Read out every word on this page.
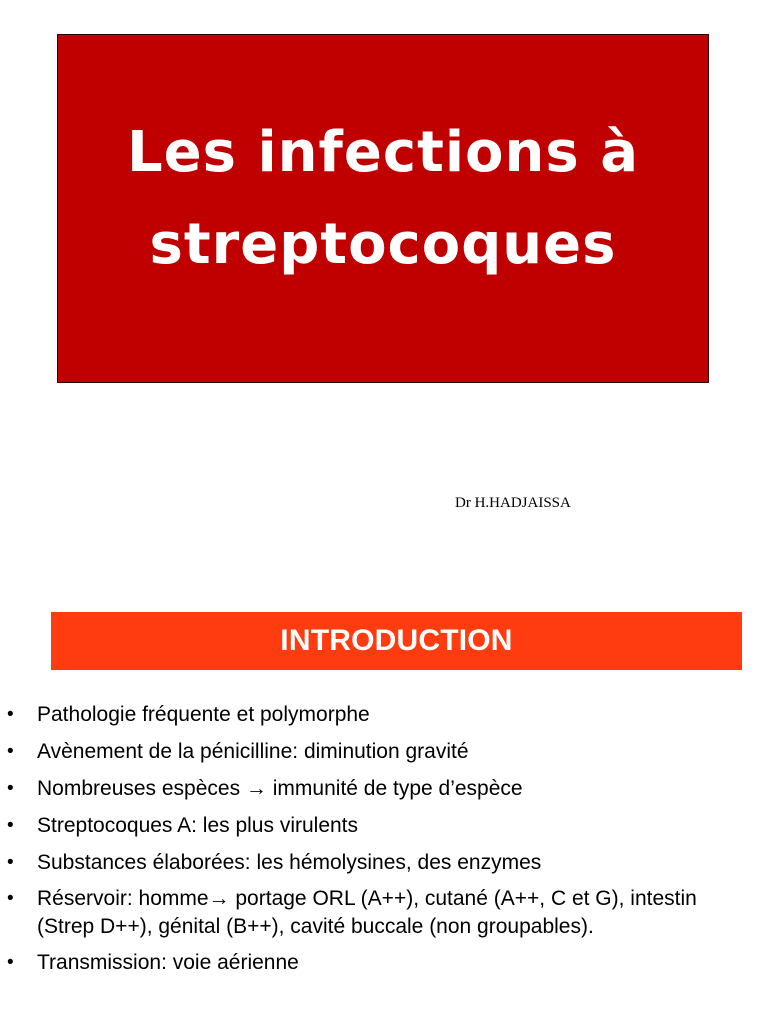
Les infections à
streptocoques
Dr H.HADJAISSA
INTRODUCTION
• Pathologie fréquente et polymorphe
• Avènement de la pénicilline: diminution gravité
• Nombreuses espèces → immunité de type d’espèce
• Streptocoques A: les plus virulents
• Substances élaborées: les hémolysines, des enzymes
• Réservoir: homme→ portage ORL (A++), cutané (A++, C et G), intestin (Strep D++), génital (B++), cavité buccale (non groupables).
• Transmission: voie aérienne
